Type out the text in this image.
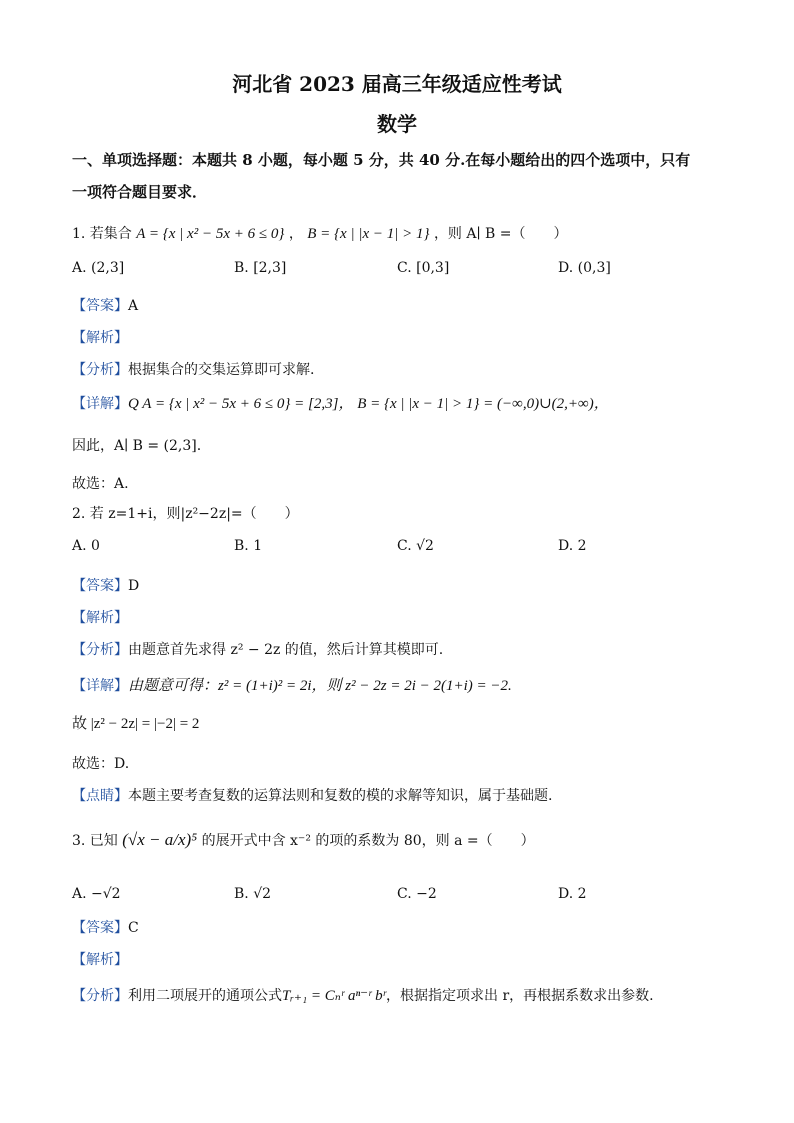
河北省 2023 届高三年级适应性考试
数学
一、单项选择题：本题共 8 小题，每小题 5 分，共 40 分.在每小题给出的四个选项中，只有
一项符合题目要求．
1. 若集合 A = {x | x² − 5x + 6 ≤ 0} ， B = {x | |x − 1| > 1} ，则 A∣ B =（　　）
A. (2,3]	B. [2,3]	C. [0,3]	D. (0,3]
【答案】A
【解析】
【分析】根据集合的交集运算即可求解.
【详解】Q A = {x | x² − 5x + 6 ≤ 0} = [2,3]， B = {x | |x − 1| > 1} = (−∞,0)∪(2,+∞)，
因此，A∣ B = (2,3].
故选：A.
2. 若 z=1+i，则|z²−2z|=（　　）
A. 0	B. 1	C. √2	D. 2
【答案】D
【解析】
【分析】由题意首先求得 z² − 2z 的值，然后计算其模即可.
【详解】由题意可得：z² = (1+i)² = 2i，则 z² − 2z = 2i − 2(1+i) = −2.
故 |z² − 2z| = |−2| = 2
故选：D.
【点睛】本题主要考查复数的运算法则和复数的模的求解等知识，属于基础题.
3. 已知 (√x − a/x)⁵ 的展开式中含 x⁻² 的项的系数为 80，则 a =（　　）
A. −√2	B. √2	C. −2	D. 2
【答案】C
【解析】
【分析】利用二项展开的通项公式Tᵣ₊₁ = Cₙʳ aⁿ⁻ʳ bʳ，根据指定项求出 r，再根据系数求出参数.
